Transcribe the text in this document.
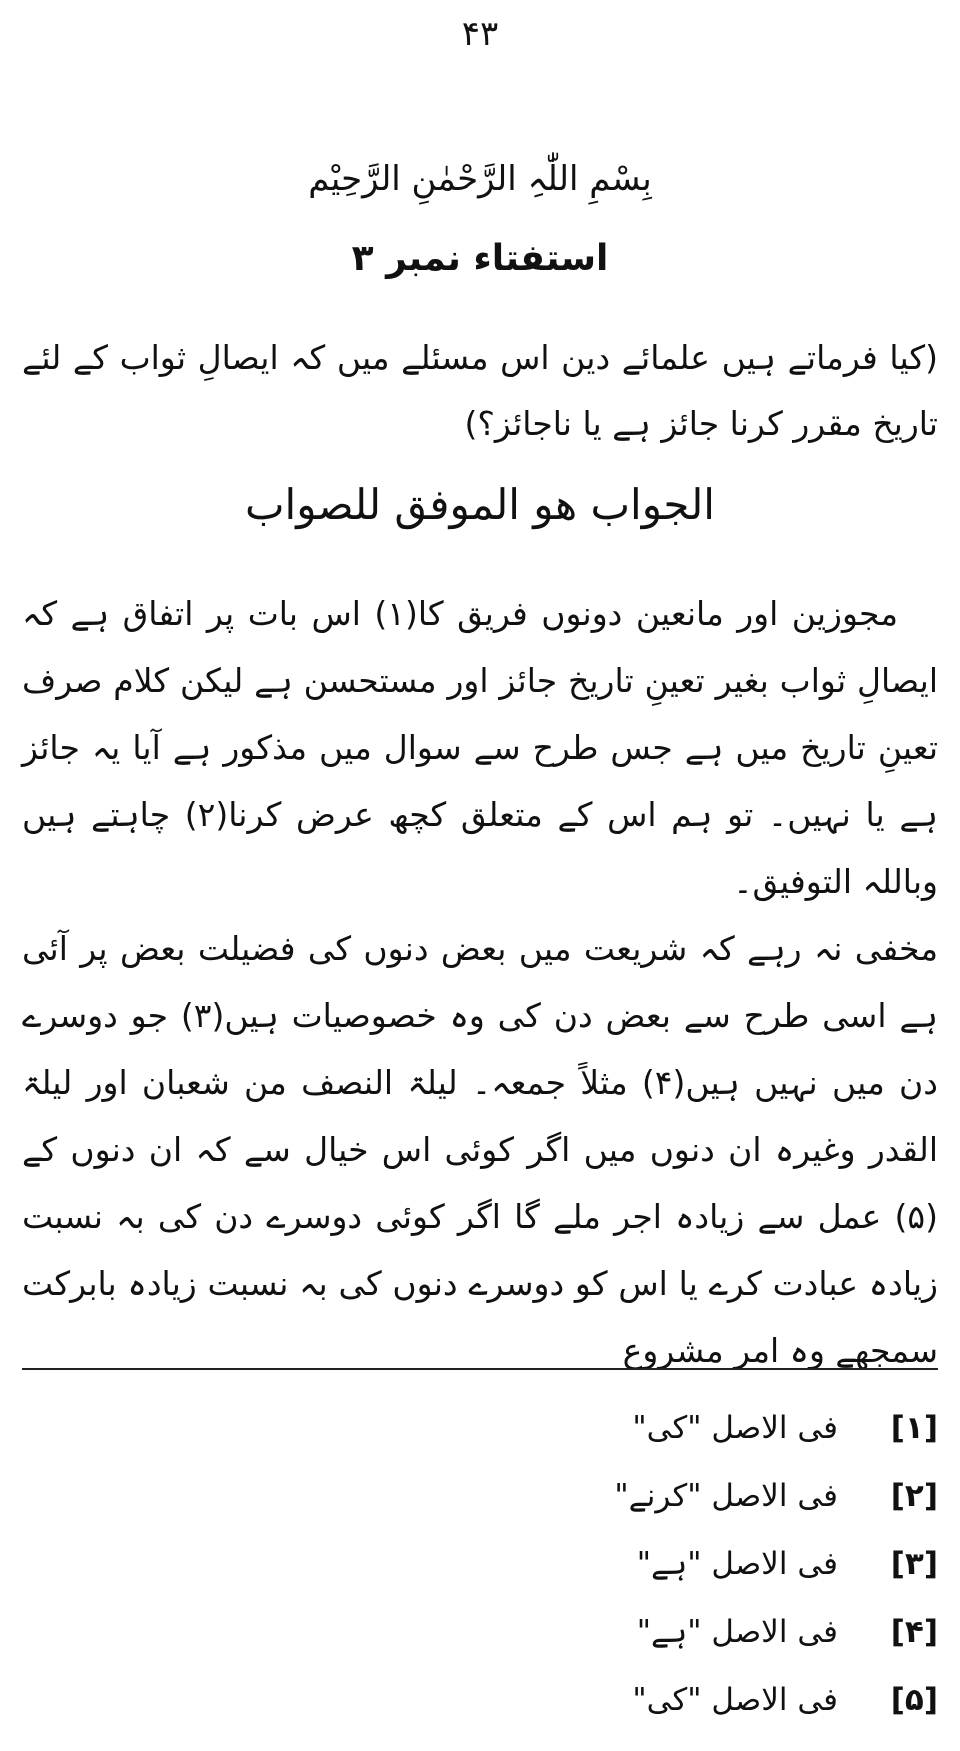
۴۳
بِسْمِ اللّٰہِ الرَّحْمٰنِ الرَّحِیْم
استفتاء نمبر ۳
(کیا فرماتے ہیں علمائے دین اس مسئلے میں کہ ایصالِ ثواب کے لئے تاریخ مقرر کرنا جائز ہے یا ناجائز؟)
الجواب ھو الموفق للصواب

مجوزین اور مانعین دونوں فریق کا(۱) اس بات پر اتفاق ہے کہ ایصالِ ثواب بغیر تعینِ تاریخ جائز اور مستحسن ہے لیکن کلام صرف تعینِ تاریخ میں ہے جس طرح سے سوال میں مذکور ہے آیا یہ جائز ہے یا نہیں۔ تو ہم اس کے متعلق کچھ عرض کرنا(۲) چاہتے ہیں وباللہ التوفیق۔

مخفی نہ رہے کہ شریعت میں بعض دنوں کی فضیلت بعض پر آئی ہے اسی طرح سے بعض دن کی وہ خصوصیات ہیں(۳) جو دوسرے دن میں نہیں ہیں(۴) مثلاً جمعہ۔ لیلۃ النصف من شعبان اور لیلۃ القدر وغیرہ ان دنوں میں اگر کوئی اس خیال سے کہ ان دنوں کے (۵) عمل سے زیادہ اجر ملے گا اگر کوئی دوسرے دن کی بہ نسبت زیادہ عبادت کرے یا اس کو دوسرے دنوں کی بہ نسبت زیادہ بابرکت سمجھے وہ امر مشروع

[۱]
فی الاصل "کی"
[۲]
فی الاصل "کرنے"
[۳]
فی الاصل "ہے"
[۴]
فی الاصل "ہے"
[۵]
فی الاصل "کی"
